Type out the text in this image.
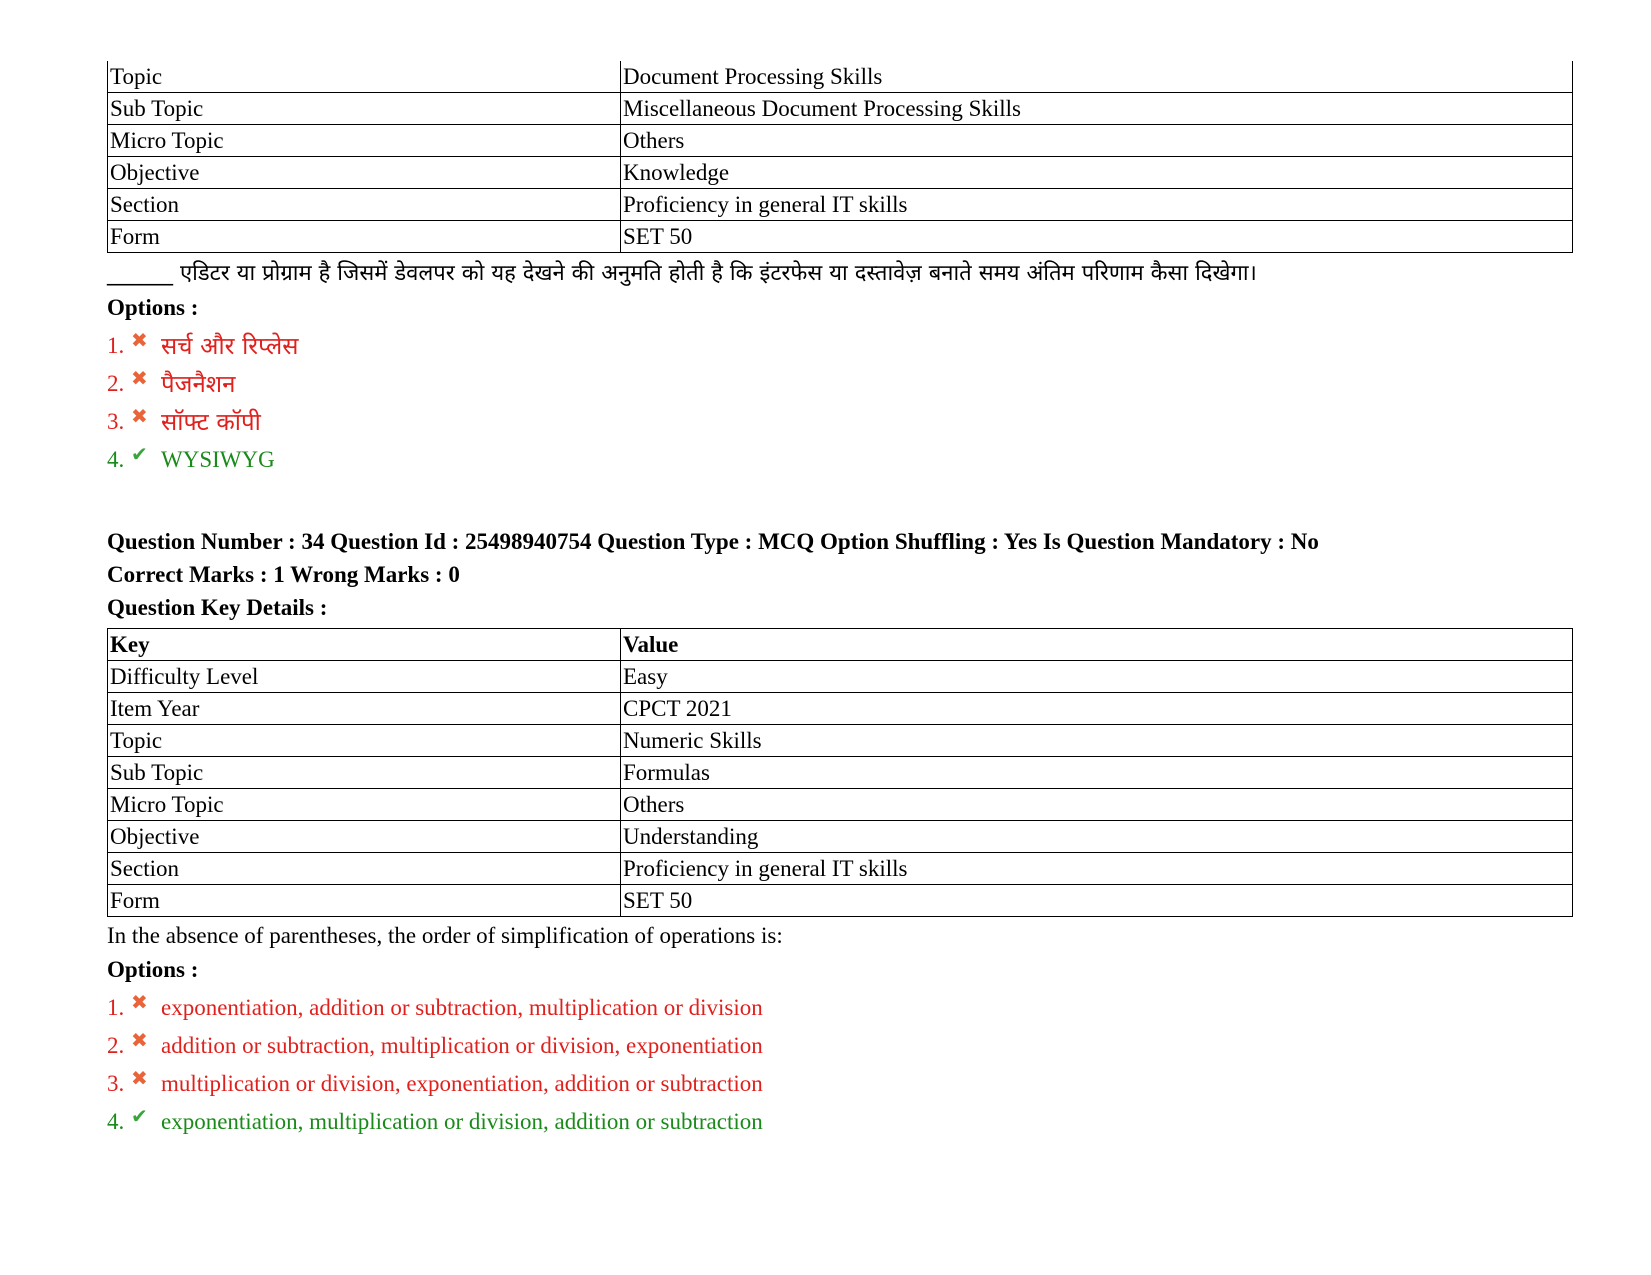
Topic	Document Processing Skills
Sub Topic	Miscellaneous Document Processing Skills
Micro Topic	Others
Objective	Knowledge
Section	Proficiency in general IT skills
Form	SET 50
______ एडिटर या प्रोग्राम है जिसमें डेवलपर को यह देखने की अनुमति होती है कि इंटरफेस या दस्तावेज़ बनाते समय अंतिम परिणाम कैसा दिखेगा।
Options :
1. ✖ सर्च और रिप्लेस
2. ✖ पैजनैशन
3. ✖ सॉफ्ट कॉपी
4. ✔ WYSIWYG
Question Number : 34 Question Id : 25498940754 Question Type : MCQ Option Shuffling : Yes Is Question Mandatory : No
Correct Marks : 1 Wrong Marks : 0
Question Key Details :
Key	Value
Difficulty Level	Easy
Item Year	CPCT 2021
Topic	Numeric Skills
Sub Topic	Formulas
Micro Topic	Others
Objective	Understanding
Section	Proficiency in general IT skills
Form	SET 50
In the absence of parentheses, the order of simplification of operations is:
Options :
1. ✖ exponentiation, addition or subtraction, multiplication or division
2. ✖ addition or subtraction, multiplication or division, exponentiation
3. ✖ multiplication or division, exponentiation, addition or subtraction
4. ✔ exponentiation, multiplication or division, addition or subtraction
